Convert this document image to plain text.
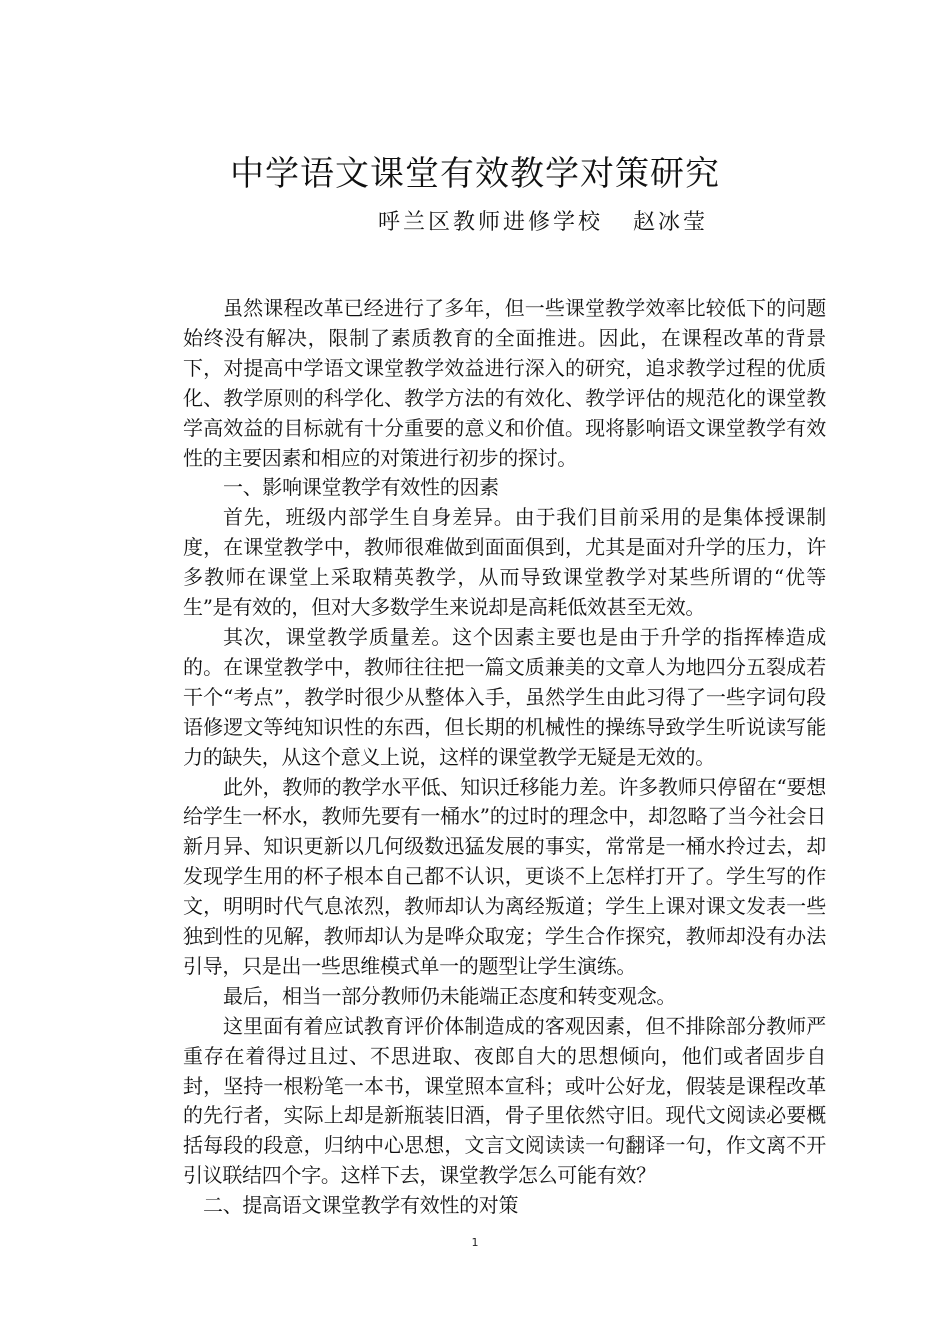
中学语文课堂有效教学对策研究
呼兰区教师进修学校   赵冰莹

虽然课程改革已经进行了多年，但一些课堂教学效率比较低下的问题始终没有解决，限制了素质教育的全面推进。因此，在课程改革的背景下，对提高中学语文课堂教学效益进行深入的研究，追求教学过程的优质化、教学原则的科学化、教学方法的有效化、教学评估的规范化的课堂教学高效益的目标就有十分重要的意义和价值。现将影响语文课堂教学有效性的主要因素和相应的对策进行初步的探讨。

一、影响课堂教学有效性的因素

首先，班级内部学生自身差异。由于我们目前采用的是集体授课制度，在课堂教学中，教师很难做到面面俱到，尤其是面对升学的压力，许多教师在课堂上采取精英教学，从而导致课堂教学对某些所谓的“优等生”是有效的，但对大多数学生来说却是高耗低效甚至无效。

其次，课堂教学质量差。这个因素主要也是由于升学的指挥棒造成的。在课堂教学中，教师往往把一篇文质兼美的文章人为地四分五裂成若干个“考点”，教学时很少从整体入手，虽然学生由此习得了一些字词句段语修逻文等纯知识性的东西，但长期的机械性的操练导致学生听说读写能力的缺失，从这个意义上说，这样的课堂教学无疑是无效的。

此外，教师的教学水平低、知识迁移能力差。许多教师只停留在“要想给学生一杯水，教师先要有一桶水”的过时的理念中，却忽略了当今社会日新月异、知识更新以几何级数迅猛发展的事实，常常是一桶水拎过去，却发现学生用的杯子根本自己都不认识，更谈不上怎样打开了。学生写的作文，明明时代气息浓烈，教师却认为离经叛道；学生上课对课文发表一些独到性的见解，教师却认为是哗众取宠；学生合作探究，教师却没有办法引导，只是出一些思维模式单一的题型让学生演练。

最后，相当一部分教师仍未能端正态度和转变观念。

这里面有着应试教育评价体制造成的客观因素，但不排除部分教师严重存在着得过且过、不思进取、夜郎自大的思想倾向，他们或者固步自封，坚持一根粉笔一本书，课堂照本宣科；或叶公好龙，假装是课程改革的先行者，实际上却是新瓶装旧酒，骨子里依然守旧。现代文阅读必要概括每段的段意，归纳中心思想，文言文阅读读一句翻译一句，作文离不开引议联结四个字。这样下去，课堂教学怎么可能有效？

二、提高语文课堂教学有效性的对策

1
